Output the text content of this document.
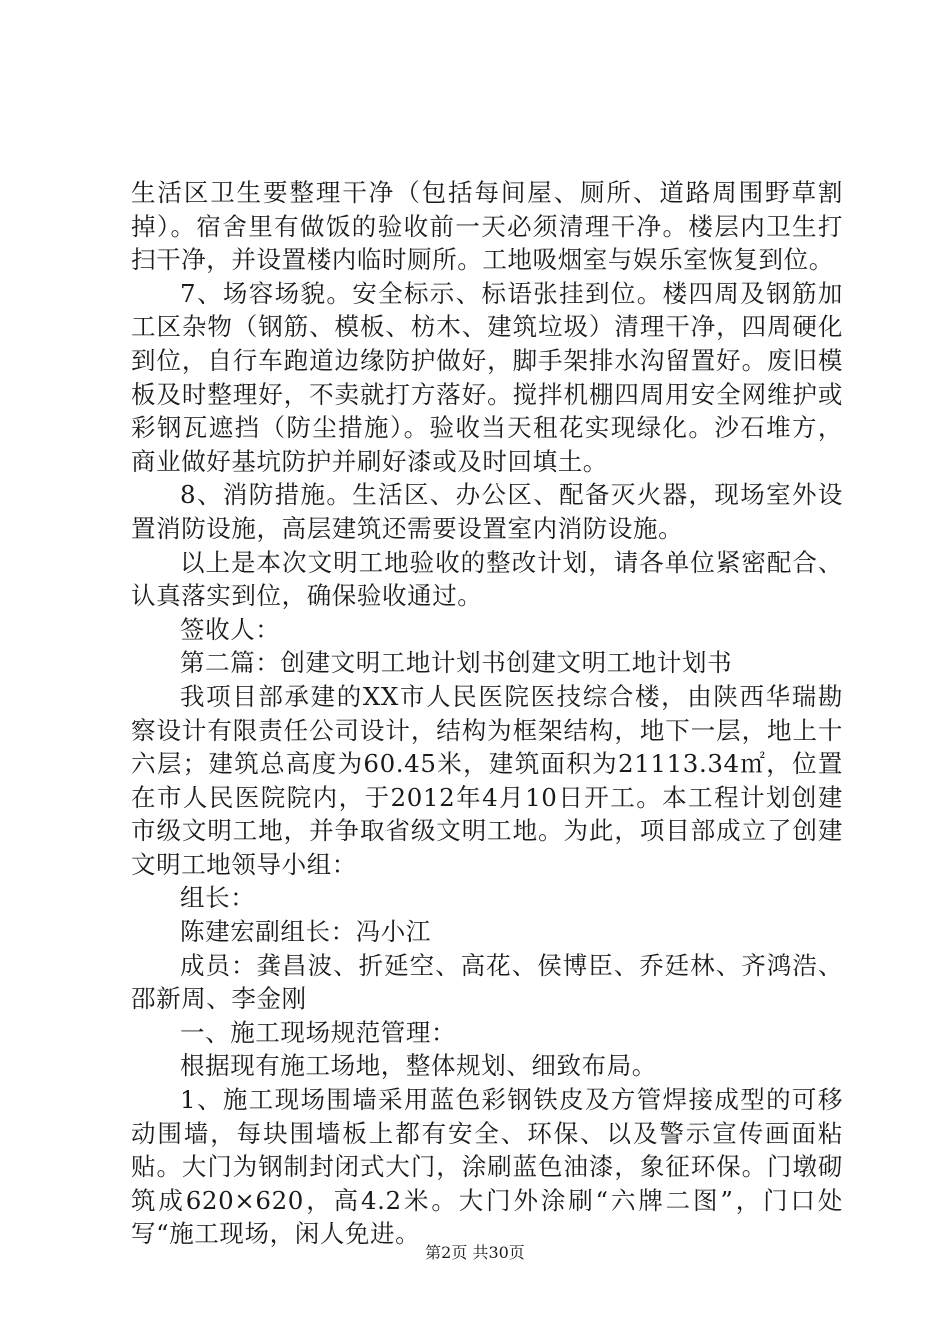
生活区卫生要整理干净（包括每间屋、厕所、道路周围野草割掉）。宿舍里有做饭的验收前一天必须清理干净。楼层内卫生打扫干净，并设置楼内临时厕所。工地吸烟室与娱乐室恢复到位。

7、场容场貌。安全标示、标语张挂到位。楼四周及钢筋加工区杂物（钢筋、模板、枋木、建筑垃圾）清理干净，四周硬化到位，自行车跑道边缘防护做好，脚手架排水沟留置好。废旧模板及时整理好，不卖就打方落好。搅拌机棚四周用安全网维护或彩钢瓦遮挡（防尘措施）。验收当天租花实现绿化。沙石堆方，商业做好基坑防护并刷好漆或及时回填土。

8、消防措施。生活区、办公区、配备灭火器，现场室外设置消防设施，高层建筑还需要设置室内消防设施。

以上是本次文明工地验收的整改计划，请各单位紧密配合、认真落实到位，确保验收通过。

签收人：

第二篇：创建文明工地计划书创建文明工地计划书

我项目部承建的XX市人民医院医技综合楼，由陕西华瑞勘察设计有限责任公司设计，结构为框架结构，地下一层，地上十六层；建筑总高度为60.45米，建筑面积为21113.34㎡，位置在市人民医院院内，于2012年4月10日开工。本工程计划创建市级文明工地，并争取省级文明工地。为此，项目部成立了创建文明工地领导小组：

组长：

陈建宏副组长：冯小江

成员：龚昌波、折延空、高花、侯博臣、乔廷林、齐鸿浩、邵新周、李金刚

一、施工现场规范管理：

根据现有施工场地，整体规划、细致布局。

1、施工现场围墙采用蓝色彩钢铁皮及方管焊接成型的可移动围墙，每块围墙板上都有安全、环保、以及警示宣传画面粘贴。大门为钢制封闭式大门，涂刷蓝色油漆，象征环保。门墩砌筑成620×620，高4.2米。大门外涂刷“六牌二图”，门口处写“施工现场，闲人免进。

第2页 共30页
